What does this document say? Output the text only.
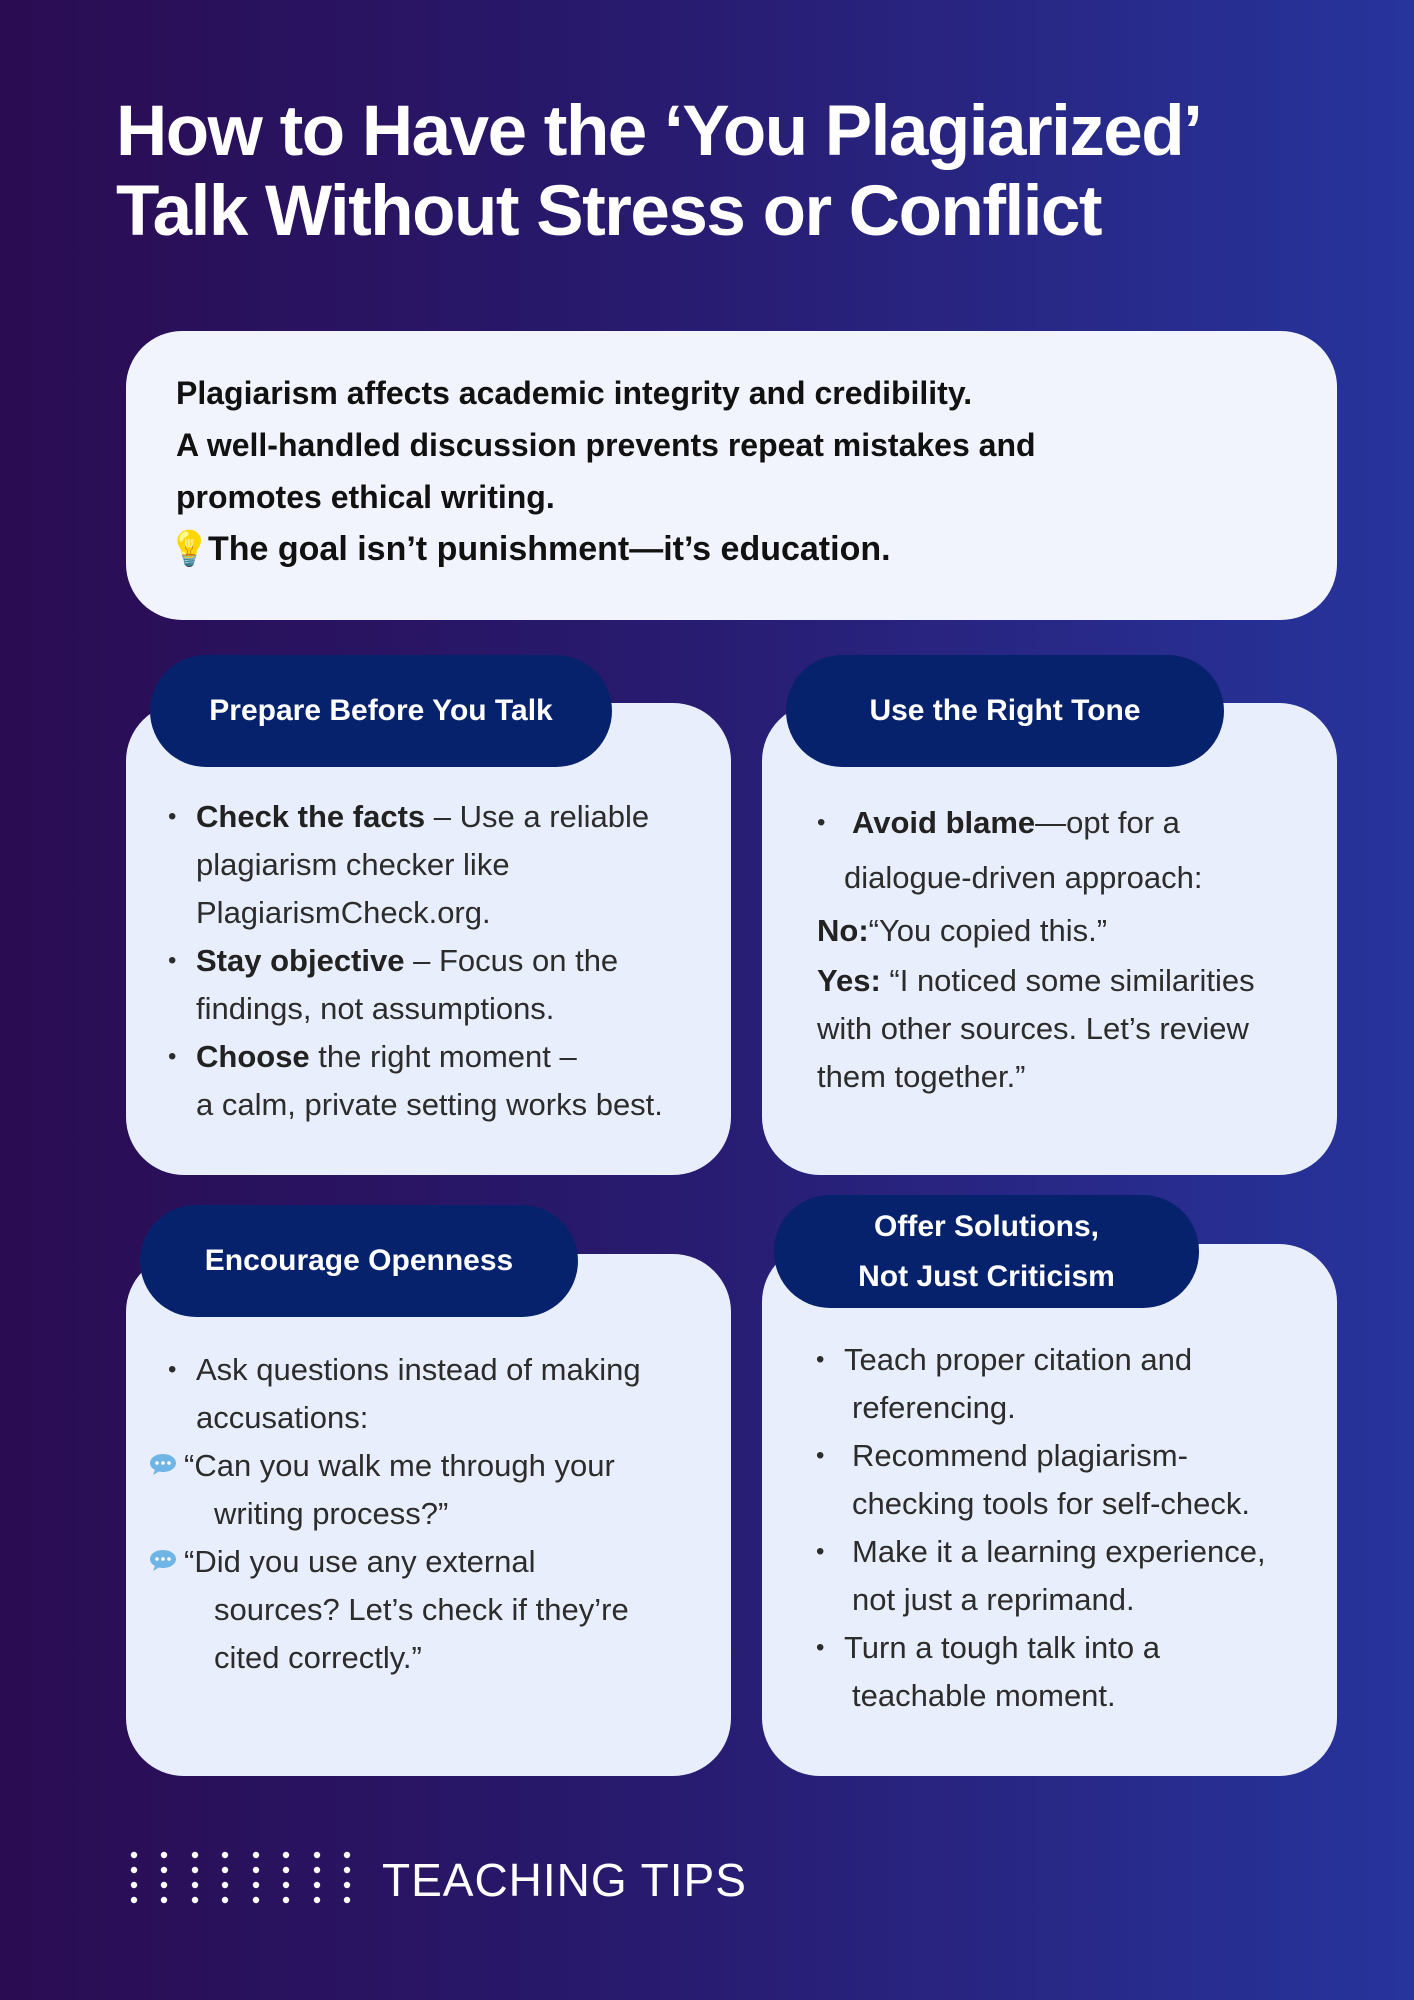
How to Have the ‘You Plagiarized’
Talk Without Stress or Conflict

Plagiarism affects academic integrity and credibility.

A well-handled discussion prevents repeat mistakes and

promotes ethical writing.

💡The goal isn’t punishment—it’s education.

• Check the facts – Use a reliable
plagiarism checker like
PlagiarismCheck.org.
• Stay objective – Focus on the
findings, not assumptions.
• Choose the right moment –
a calm, private setting works best.
Prepare Before You Talk
• Avoid blame—opt for a
dialogue-driven approach:
No:“You copied this.”
Yes: “I noticed some similarities
with other sources. Let’s review
them together.”
Use the Right Tone
• Ask questions instead of making
accusations:
“Can you walk me through your
writing process?”
“Did you use any external
sources? Let’s check if they’re
cited correctly.”
Encourage Openness
• Teach proper citation and
referencing.
• Recommend plagiarism-
checking tools for self-check.
• Make it a learning experience,
not just a reprimand.
• Turn a tough talk into a
teachable moment.
Offer Solutions,
Not Just Criticism
TEACHING TIPS
